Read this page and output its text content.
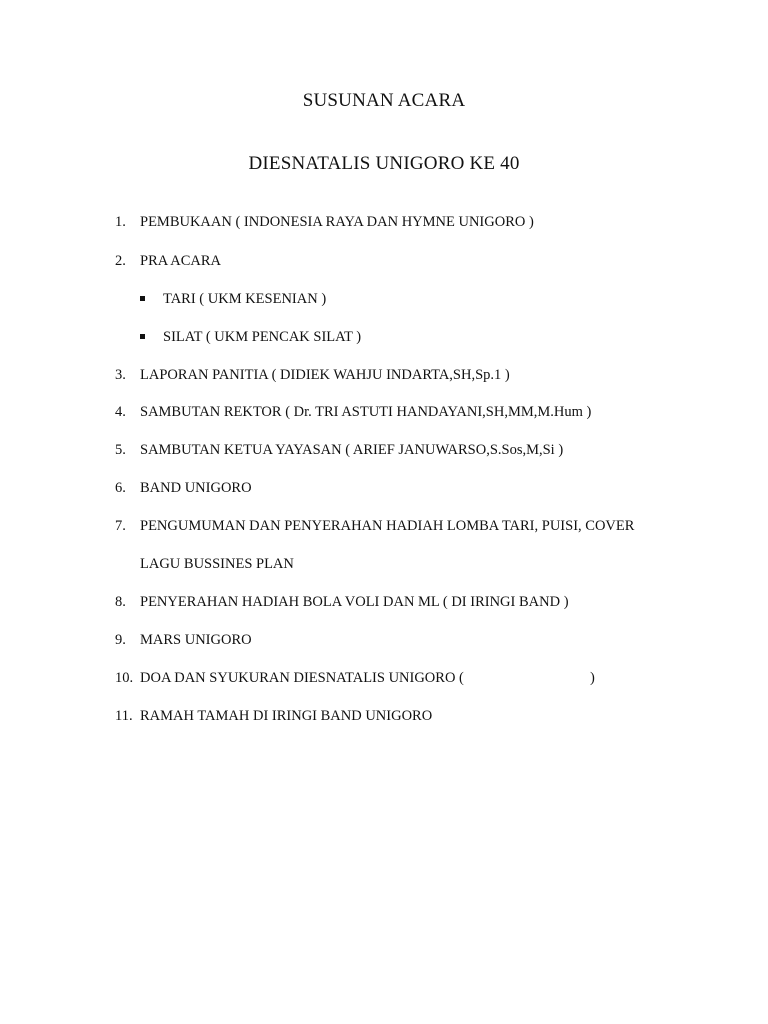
SUSUNAN ACARA
DIESNATALIS UNIGORO KE 40
1. PEMBUKAAN ( INDONESIA RAYA DAN HYMNE UNIGORO )
2. PRA ACARA
TARI ( UKM KESENIAN )
SILAT ( UKM PENCAK SILAT )
3. LAPORAN PANITIA ( DIDIEK WAHJU INDARTA,SH,Sp.1 )
4. SAMBUTAN REKTOR ( Dr. TRI ASTUTI HANDAYANI,SH,MM,M.Hum )
5. SAMBUTAN KETUA YAYASAN ( ARIEF JANUWARSO,S.Sos,M,Si )
6. BAND UNIGORO
7. PENGUMUMAN DAN PENYERAHAN HADIAH LOMBA TARI, PUISI, COVER
LAGU BUSSINES PLAN
8. PENYERAHAN HADIAH BOLA VOLI DAN ML ( DI IRINGI BAND )
9. MARS UNIGORO
10. DOA DAN SYUKURAN DIESNATALIS UNIGORO (	)
11. RAMAH TAMAH DI IRINGI BAND UNIGORO
